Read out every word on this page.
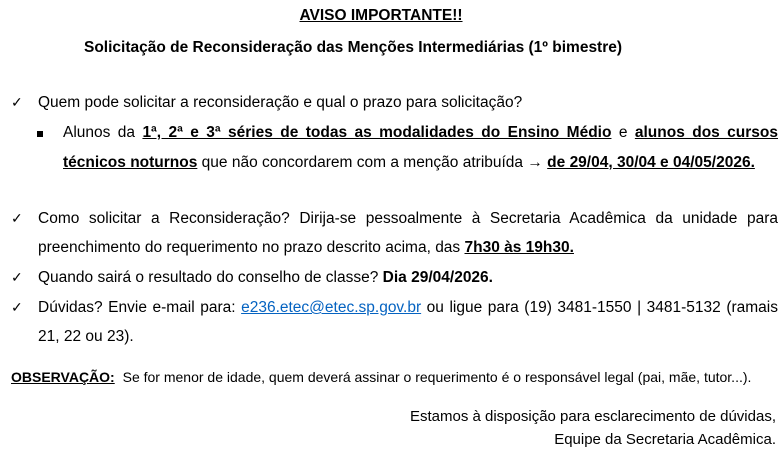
AVISO IMPORTANTE!!
Solicitação de Reconsideração das Menções Intermediárias (1º bimestre)
✓ Quem pode solicitar a reconsideração e qual o prazo para solicitação?
Alunos da 1ª, 2ª e 3ª séries de todas as modalidades do Ensino Médio e alunos dos cursos técnicos noturnos que não concordarem com a menção atribuída → de 29/04, 30/04 e 04/05/2026.
✓ Como solicitar a Reconsideração? Dirija-se pessoalmente à Secretaria Acadêmica da unidade para preenchimento do requerimento no prazo descrito acima, das 7h30 às 19h30.
✓ Quando sairá o resultado do conselho de classe? Dia 29/04/2026.
✓ Dúvidas? Envie e-mail para: e236.etec@etec.sp.gov.br ou ligue para (19) 3481-1550 | 3481-5132 (ramais 21, 22 ou 23).
OBSERVAÇÃO: Se for menor de idade, quem deverá assinar o requerimento é o responsável legal (pai, mãe, tutor...).
Estamos à disposição para esclarecimento de dúvidas,
Equipe da Secretaria Acadêmica.
